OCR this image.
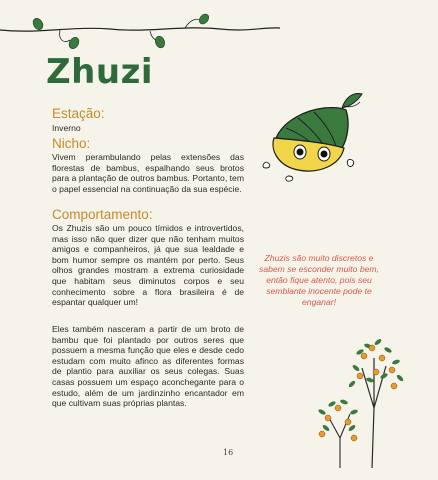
Zhuzi
Estação:
Inverno
Nicho:
Vivem perambulando pelas extensões das florestas de bambus, espalhando seus brotos para a plantação de outros bambus. Portanto, tem o papel essencial na continuação da sua espécie.
Comportamento:
Os Zhuzis são um pouco tímidos e introvertidos, mas isso não quer dizer que não tenham muitos amigos e companheiros, já que sua lealdade e bom humor sempre os mantém por perto. Seus olhos grandes mostram a extrema curiosidade que habitam seus diminutos corpos e seu conhecimento sobre a flora brasileira é de espantar qualquer um!
Eles também nasceram a partir de um broto de bambu que foi plantado por outros seres que possuem a mesma função que eles e desde cedo estudam com muito afinco as diferentes formas de plantio para auxiliar os seus colegas. Suas casas possuem um espaço aconchegante para o estudo, além de um jardinzinho encantador em que cultivam suas próprias plantas.
Zhuzis são muito discretos e sabem se esconder muito bem, então fique atento, pois seu semblante inocente pode te enganar!
16
